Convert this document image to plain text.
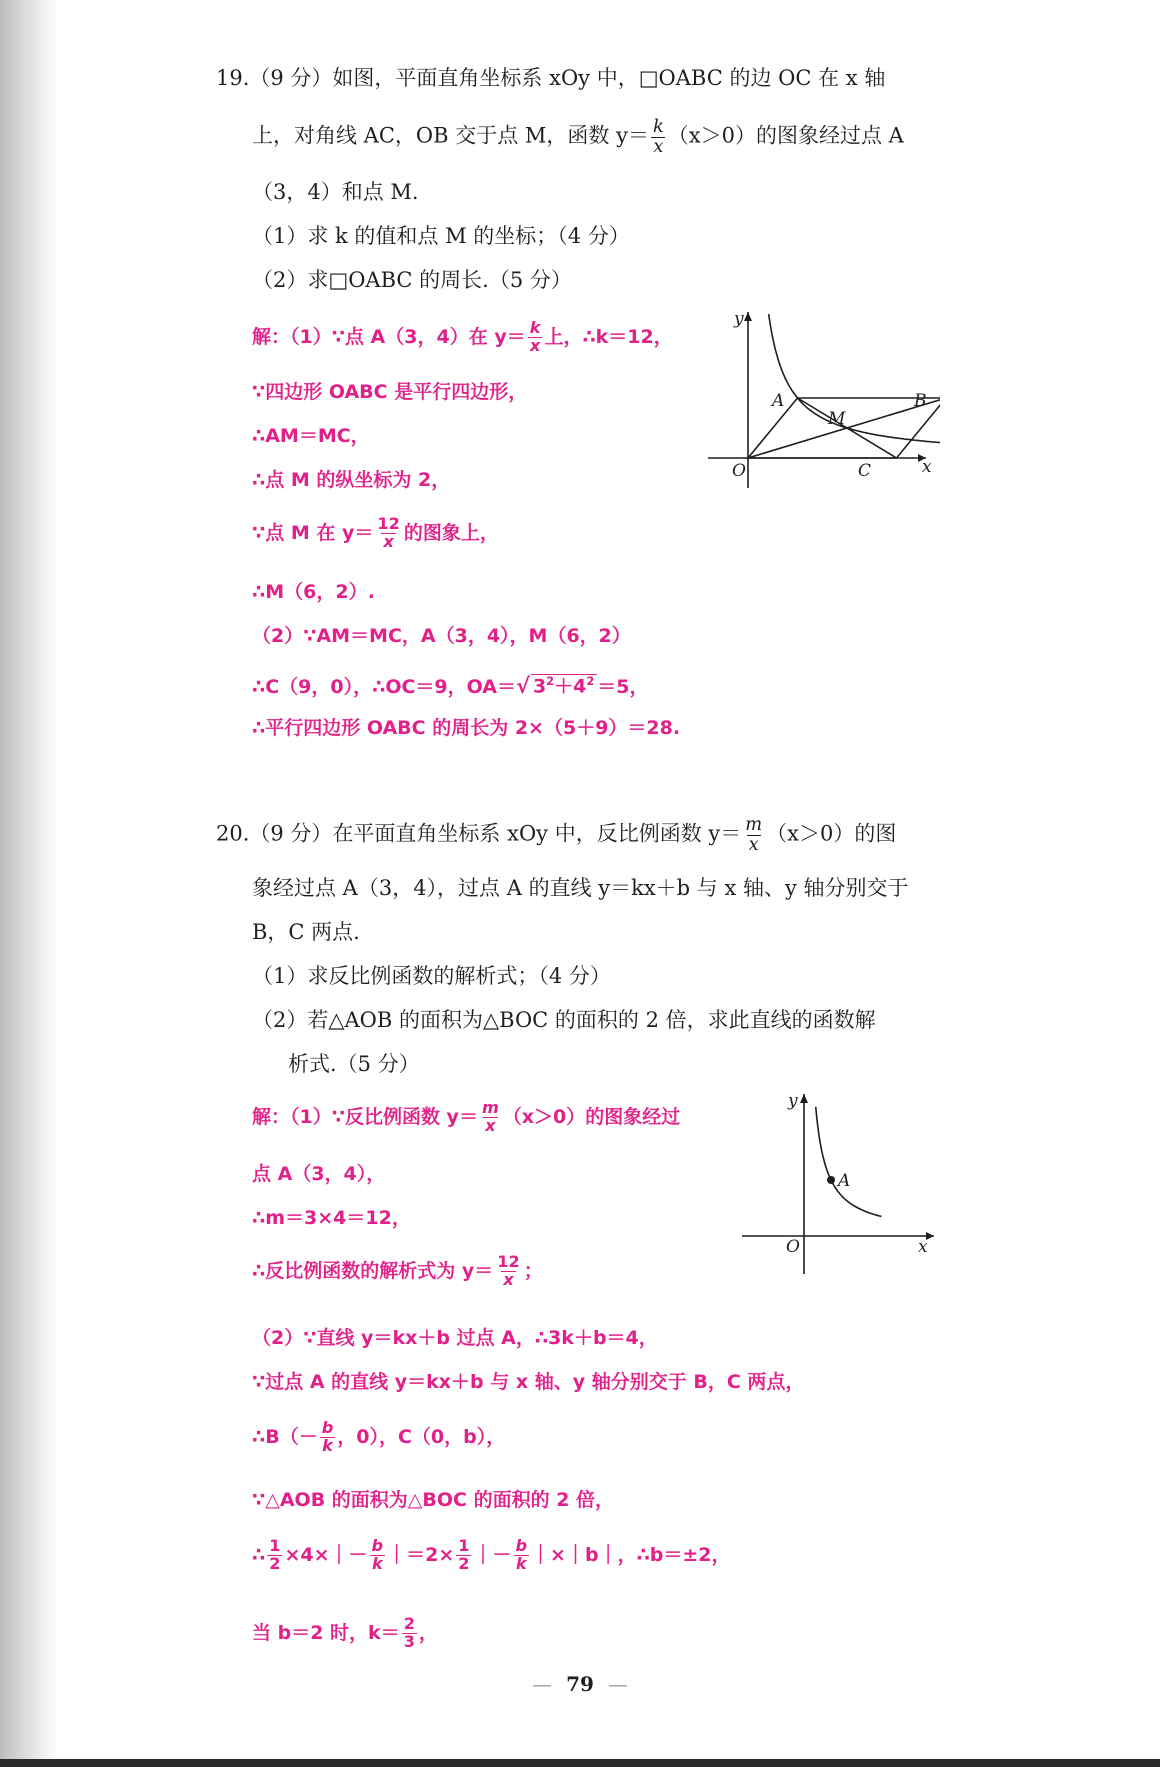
19.（9 分）如图，平面直角坐标系 xOy 中，□OABC 的边 OC 在 x 轴
上，对角线 AC，OB 交于点 M，函数 $y= \frac{k}{x} (x>0)$的图象经过点 A
（3，4）和点 M.
（1）求 k 的值和点 M 的坐标；（4 分）
（2）求□OABC 的周长.（5 分）
解：（1）∵点 A（3，4）在 $y= \frac{k}{x}$ 上，∴k＝12，
∵四边形 OABC 是平行四边形，
∴AM＝MC，
∴点 M 的纵坐标为 2，
∵点 M 在 $y= \frac{12}{x}$ 的图象上，
∴M（6，2）.
（2）∵AM＝MC，A（3，4），M（6，2）
∴C（9，0），∴OC＝9，OA＝ √ $3^2+4^2 =5$，
∴平行四边形 OABC 的周长为 2×（5＋9）＝28.
y
x
O
A	B
M
C
20.（9 分）在平面直角坐标系 xOy 中，反比例函数 $y= \frac{m}{x} (x>0)$的图
象经过点 A（3，4），过点 A 的直线 y＝kx＋b 与 x 轴、y 轴分别交于
B，C 两点.
（1）求反比例函数的解析式；（4 分）
（2）若△AOB 的面积为△BOC 的面积的 2 倍，求此直线的函数解
析式.（5 分）
解：（1）∵反比例函数 $y= \frac{m}{x} (x>0)$的图象经过
点 A（3，4），
∴m＝3×4＝12，
∴反比例函数的解析式为 $y= \frac{12}{x}$ ；
（2）∵直线 y＝kx＋b 过点 A，∴3k＋b＝4，
∵过点 A 的直线 y＝kx＋b 与 x 轴、y 轴分别交于 B，C 两点，
∴B（－ $\frac{b}{k}$ ，0），C（0，b），
∵△AOB 的面积为△BOC 的面积的 2 倍，
∴ $\frac{1}{2}$ ×4×｜－ $\frac{b}{k}$ ｜＝2× $\frac{1}{2}$ ｜－ $\frac{b}{k}$ ｜×｜b｜，∴b＝±2，
当 b＝2 时，$k= \frac{2}{3}$ ，
y
x
O
A
— 79 —
